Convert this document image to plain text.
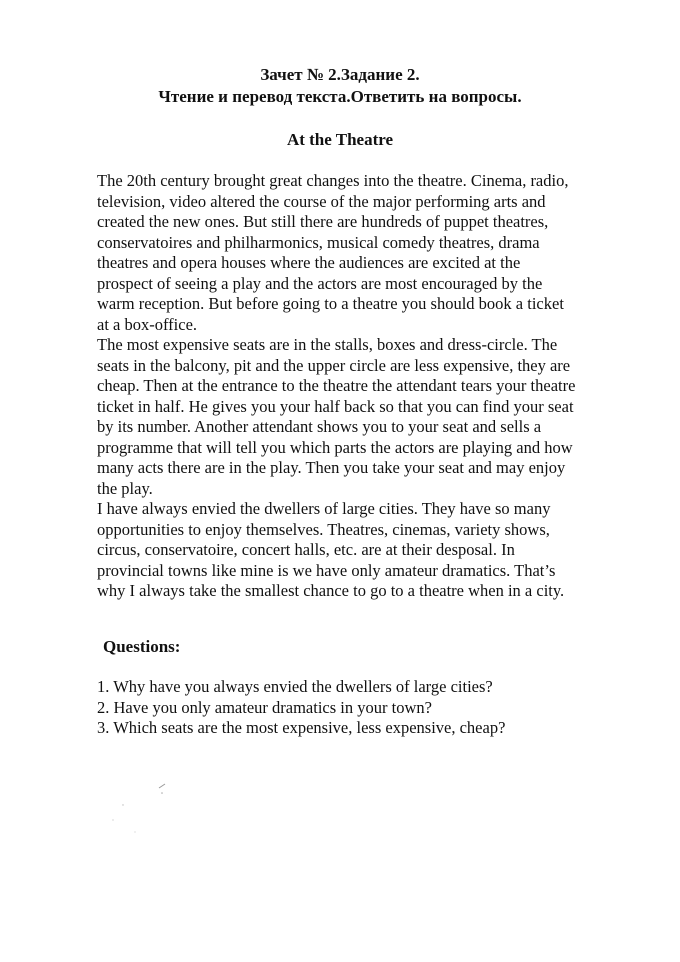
Зачет № 2.Задание 2.
Чтение и перевод текста.Ответить на вопросы.
At the Theatre
The 20th century brought great changes into the theatre. Cinema, radio,
television, video altered the course of the major performing arts and
created the new ones. But still there are hundreds of puppet theatres,
conservatoires and philharmonics, musical comedy theatres, drama
theatres and opera houses where the audiences are excited at the
prospect of seeing a play and the actors are most encouraged by the
warm reception. But before going to a theatre you should book a ticket
at a box-office.
The most expensive seats are in the stalls, boxes and dress-circle. The
seats in the balcony, pit and the upper circle are less expensive, they are
cheap. Then at the entrance to the theatre the attendant tears your theatre
ticket in half. He gives you your half back so that you can find your seat
by its number. Another attendant shows you to your seat and sells a
programme that will tell you which parts the actors are playing and how
many acts there are in the play. Then you take your seat and may enjoy
the play.
I have always envied the dwellers of large cities. They have so many
opportunities to enjoy themselves. Theatres, cinemas, variety shows,
circus, conservatoire, concert halls, etc. are at their desposal. In
provincial towns like mine is we have only amateur dramatics. That’s
why I always take the smallest chance to go to a theatre when in a city.
Questions:
1. Why have you always envied the dwellers of large cities?
2. Have you only amateur dramatics in your town?
3. Which seats are the most expensive, less expensive, cheap?
